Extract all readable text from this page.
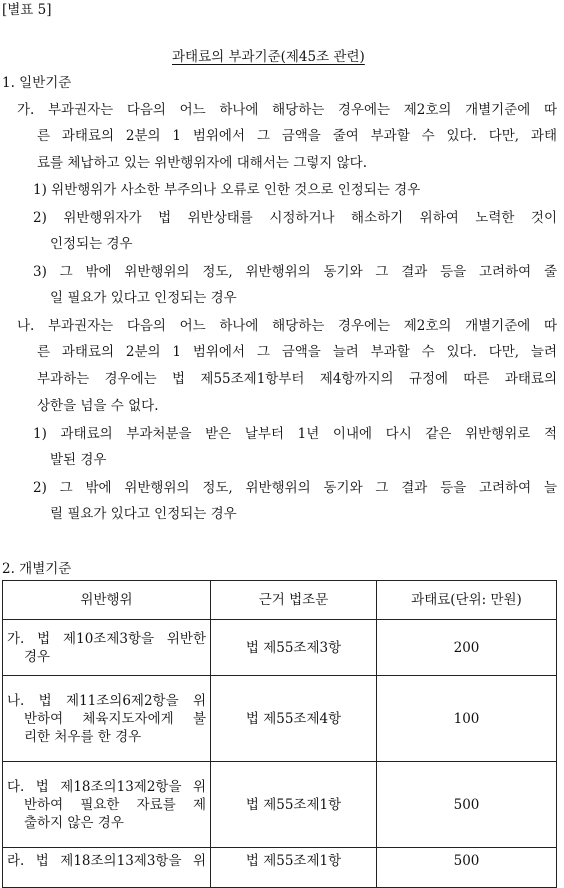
[별표 5]
과태료의 부과기준(제45조 관련)
1. 일반기준
가. 부과권자는 다음의 어느 하나에 해당하는 경우에는 제2호의 개별기준에 따
른 과태료의 2분의 1 범위에서 그 금액을 줄여 부과할 수 있다. 다만, 과태
료를 체납하고 있는 위반행위자에 대해서는 그렇지 않다.
1) 위반행위가 사소한 부주의나 오류로 인한 것으로 인정되는 경우
2) 위반행위자가 법 위반상태를 시정하거나 해소하기 위하여 노력한 것이
인정되는 경우
3) 그 밖에 위반행위의 정도, 위반행위의 동기와 그 결과 등을 고려하여 줄
일 필요가 있다고 인정되는 경우
나. 부과권자는 다음의 어느 하나에 해당하는 경우에는 제2호의 개별기준에 따
른 과태료의 2분의 1 범위에서 그 금액을 늘려 부과할 수 있다. 다만, 늘려
부과하는 경우에는 법 제55조제1항부터 제4항까지의 규정에 따른 과태료의
상한을 넘을 수 없다.
1) 과태료의 부과처분을 받은 날부터 1년 이내에 다시 같은 위반행위로 적
발된 경우
2) 그 밖에 위반행위의 정도, 위반행위의 동기와 그 결과 등을 고려하여 늘
릴 필요가 있다고 인정되는 경우
2. 개별기준
위반행위	근거 법조문	과태료(단위: 만원)

가. 법 제10조제3항을 위반한
경우	법 제55조제3항	200

나. 법 제11조의6제2항을 위
반하여 체육지도자에게 불
리한 처우를 한 경우	법 제55조제4항	100

다. 법 제18조의13제2항을 위
반하여 필요한 자료를 제
출하지 않은 경우	법 제55조제1항	500

라. 법 제18조의13제3항을 위	법 제55조제1항	500
